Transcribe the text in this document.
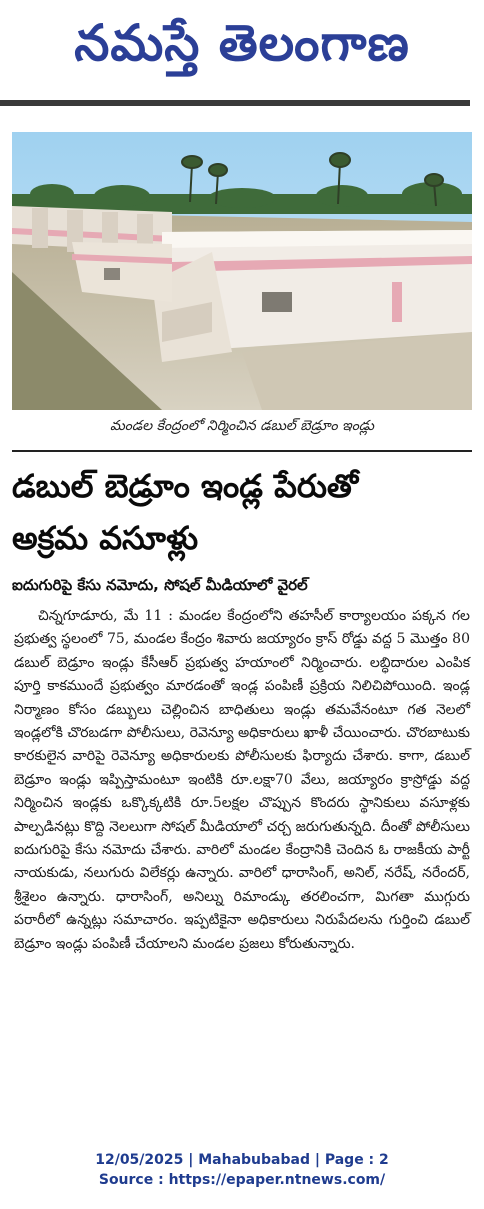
నమస్తే తెలంగాణ
మండల కేంద్రంలో నిర్మించిన డబుల్ బెడ్రూం ఇండ్లు
డబుల్ బెడ్రూం ఇండ్ల పేరుతో
అక్రమ వసూళ్లు
ఐదుగురిపై కేసు నమోదు, సోషల్ మీడియాలో వైరల్
చిన్నగూడూరు, మే 11 : మండల కేంద్రంలోని తహసీల్ కార్యాలయం పక్కన గల ప్రభుత్వ స్థలంలో 75, మండల కేంద్రం శివారు జయ్యారం క్రాస్ రోడ్డు వద్ద 5 మొత్తం 80 డబుల్ బెడ్రూం ఇండ్లు కేసీఆర్ ప్రభుత్వ హయాంలో నిర్మించారు. లబ్ధిదారుల ఎంపిక పూర్తి కాకముందే ప్రభుత్వం మారడంతో ఇండ్ల పంపిణీ ప్రక్రియ నిలిచిపోయింది. ఇండ్ల నిర్మాణం కోసం డబ్బులు చెల్లించిన బాధితులు ఇండ్లు తమవేనంటూ గత నెలలో ఇండ్లలోకి చొరబడగా పోలీసులు, రెవెన్యూ అధికారులు ఖాళీ చేయించారు. చొరబాటుకు కారకులైన వారిపై రెవెన్యూ అధికారులకు పోలీసులకు ఫిర్యాదు చేశారు. కాగా, డబుల్ బెడ్రూం ఇండ్లు ఇప్పిస్తామంటూ ఇంటికి రూ.లక్షా70 వేలు, జయ్యారం క్రాస్రోడ్డు వద్ద నిర్మించిన ఇండ్లకు ఒక్కొక్కటికి రూ.5లక్షల చొప్పున కొందరు స్థానికులు వసూళ్లకు పాల్పడినట్లు కొద్ది నెలలుగా సోషల్ మీడియాలో చర్చ జరుగుతున్నది. దీంతో పోలీసులు ఐదుగురిపై కేసు నమోదు చేశారు. వారిలో మండల కేంద్రానికి చెందిన ఓ రాజకీయ పార్టీ నాయకుడు, నలుగురు విలేకర్లు ఉన్నారు. వారిలో ధారాసింగ్, అనిల్, నరేష్, నరేందర్, శ్రీశైలం ఉన్నారు. ధారాసింగ్, అనిల్ను రిమాండ్కు తరలించగా, మిగతా ముగ్గురు పరారీలో ఉన్నట్లు సమాచారం. ఇప్పటికైనా అధికారులు నిరుపేదలను గుర్తించి డబుల్ బెడ్రూం ఇండ్లు పంపిణీ చేయాలని మండల ప్రజలు కోరుతున్నారు.
12/05/2025 | Mahabubabad | Page : 2
Source : https://epaper.ntnews.com/
